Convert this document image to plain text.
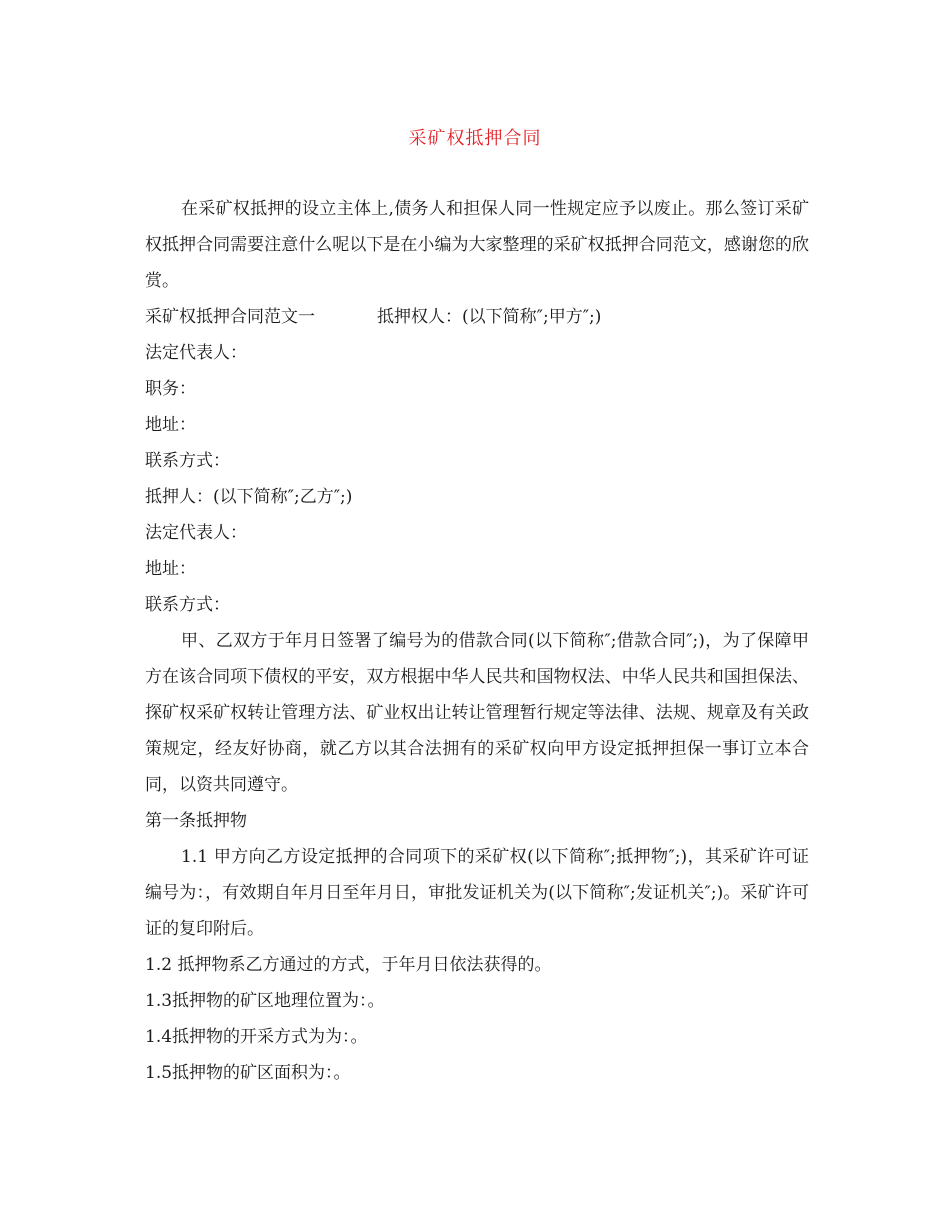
采矿权抵押合同

在采矿权抵押的设立主体上,债务人和担保人同一性规定应予以废止。那么签订采矿权抵押合同需要注意什么呢以下是在小编为大家整理的采矿权抵押合同范文，感谢您的欣赏。

采矿权抵押合同范文一	抵押权人：(以下简称″;甲方″;)

法定代表人：

职务：

地址：

联系方式：

抵押人：(以下简称″;乙方″;)

法定代表人：

地址：

联系方式：

甲、乙双方于年月日签署了编号为的借款合同(以下简称″;借款合同″;)，为了保障甲方在该合同项下债权的平安，双方根据中华人民共和国物权法、中华人民共和国担保法、探矿权采矿权转让管理方法、矿业权出让转让管理暂行规定等法律、法规、规章及有关政策规定，经友好协商，就乙方以其合法拥有的采矿权向甲方设定抵押担保一事订立本合同，以资共同遵守。

第一条抵押物

1.1 甲方向乙方设定抵押的合同项下的采矿权(以下简称″;抵押物″;)，其采矿许可证编号为：，有效期自年月日至年月日，审批发证机关为(以下简称″;发证机关″;)。采矿许可证的复印附后。

1.2 抵押物系乙方通过的方式，于年月日依法获得的。

1.3抵押物的矿区地理位置为：。

1.4抵押物的开采方式为为：。

1.5抵押物的矿区面积为：。
